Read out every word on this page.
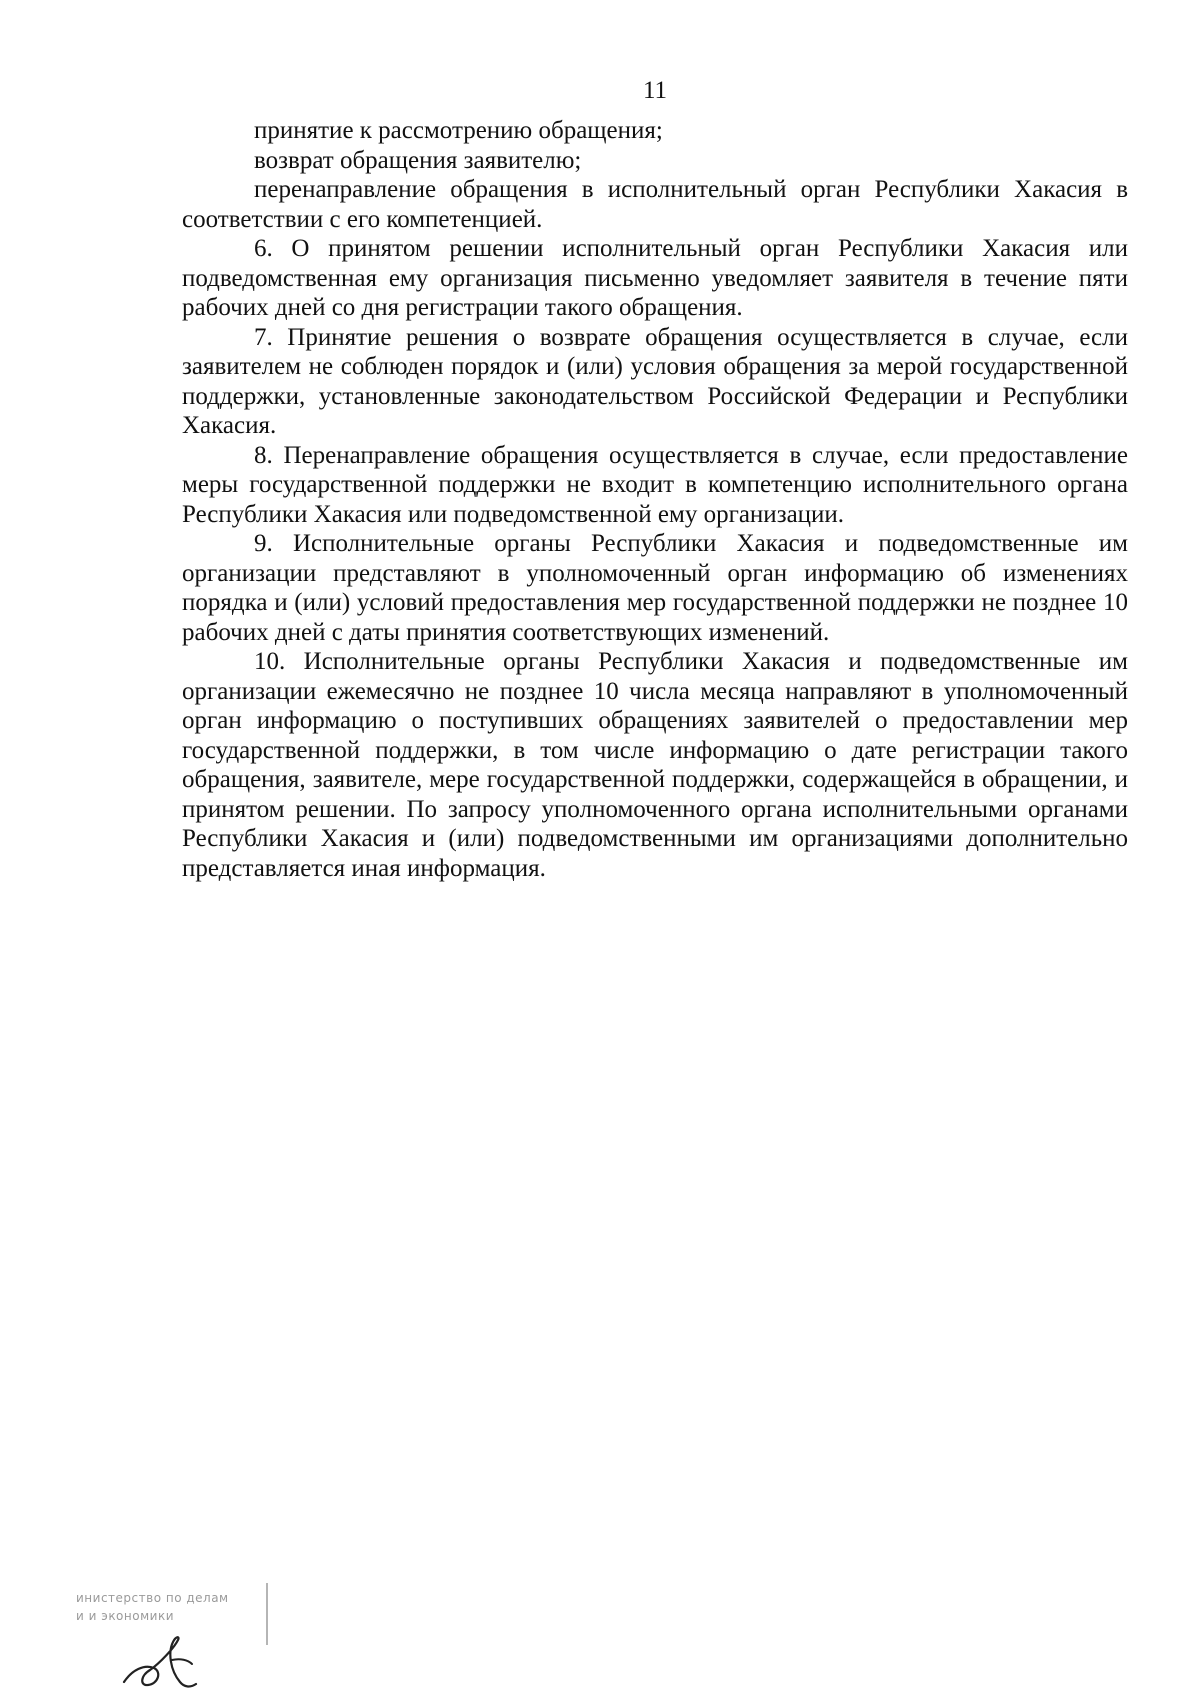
11

принятие к рассмотрению обращения;

возврат обращения заявителю;

перенаправление обращения в исполнительный орган Республики Хакасия в соответствии с его компетенцией.

6. О принятом решении исполнительный орган Республики Хакасия или подведомственная ему организация письменно уведомляет заявителя в течение пяти рабочих дней со дня регистрации такого обращения.

7. Принятие решения о возврате обращения осуществляется в случае, если заявителем не соблюден порядок и (или) условия обращения за мерой государственной поддержки, установленные законодательством Российской Федерации и Республики Хакасия.

8. Перенаправление обращения осуществляется в случае, если предоставление меры государственной поддержки не входит в компетенцию исполнительного органа Республики Хакасия или подведомственной ему организации.

9. Исполнительные органы Республики Хакасия и подведомственные им организации представляют в уполномоченный орган информацию об изменениях порядка и (или) условий предоставления мер государственной поддержки не позднее 10 рабочих дней с даты принятия соответствующих изменений.

10. Исполнительные органы Республики Хакасия и подведомственные им организации ежемесячно не позднее 10 числа месяца направляют в уполномоченный орган информацию о поступивших обращениях заявителей о предоставлении мер государственной поддержки, в том числе информацию о дате регистрации такого обращения, заявителе, мере государственной поддержки, содержащейся в обращении, и принятом решении. По запросу уполномоченного органа исполнительными органами Республики Хакасия и (или) подведомственными им организациями дополнительно представляется иная информация.

инистерство по делам
и и экономики
